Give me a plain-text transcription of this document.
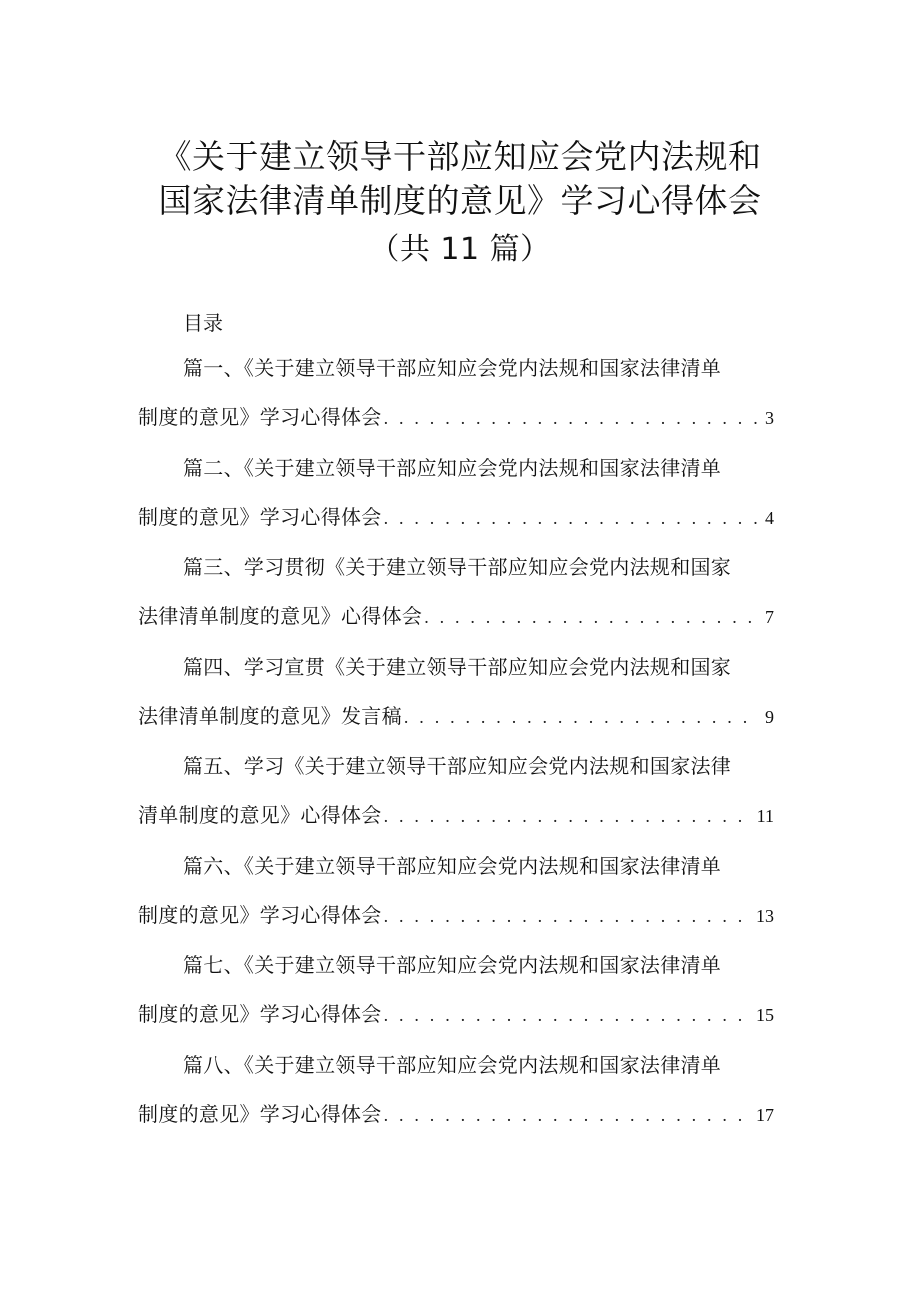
《关于建立领导干部应知应会党内法规和
国家法律清单制度的意见》学习心得体会
（共 11 篇）
目录
篇一、《关于建立领导干部应知应会党内法规和国家法律清单
制度的意见》学习心得体会 . . .	3
篇二、《关于建立领导干部应知应会党内法规和国家法律清单
制度的意见》学习心得体会 . . .	4
篇三、学习贯彻《关于建立领导干部应知应会党内法规和国家
法律清单制度的意见》心得体会 . . .	7
篇四、学习宣贯《关于建立领导干部应知应会党内法规和国家
法律清单制度的意见》发言稿 . . .	9
篇五、学习《关于建立领导干部应知应会党内法规和国家法律
清单制度的意见》心得体会 . . .	11
篇六、《关于建立领导干部应知应会党内法规和国家法律清单
制度的意见》学习心得体会 . . .	13
篇七、《关于建立领导干部应知应会党内法规和国家法律清单
制度的意见》学习心得体会 . . .	15
篇八、《关于建立领导干部应知应会党内法规和国家法律清单
制度的意见》学习心得体会 . . .	17
